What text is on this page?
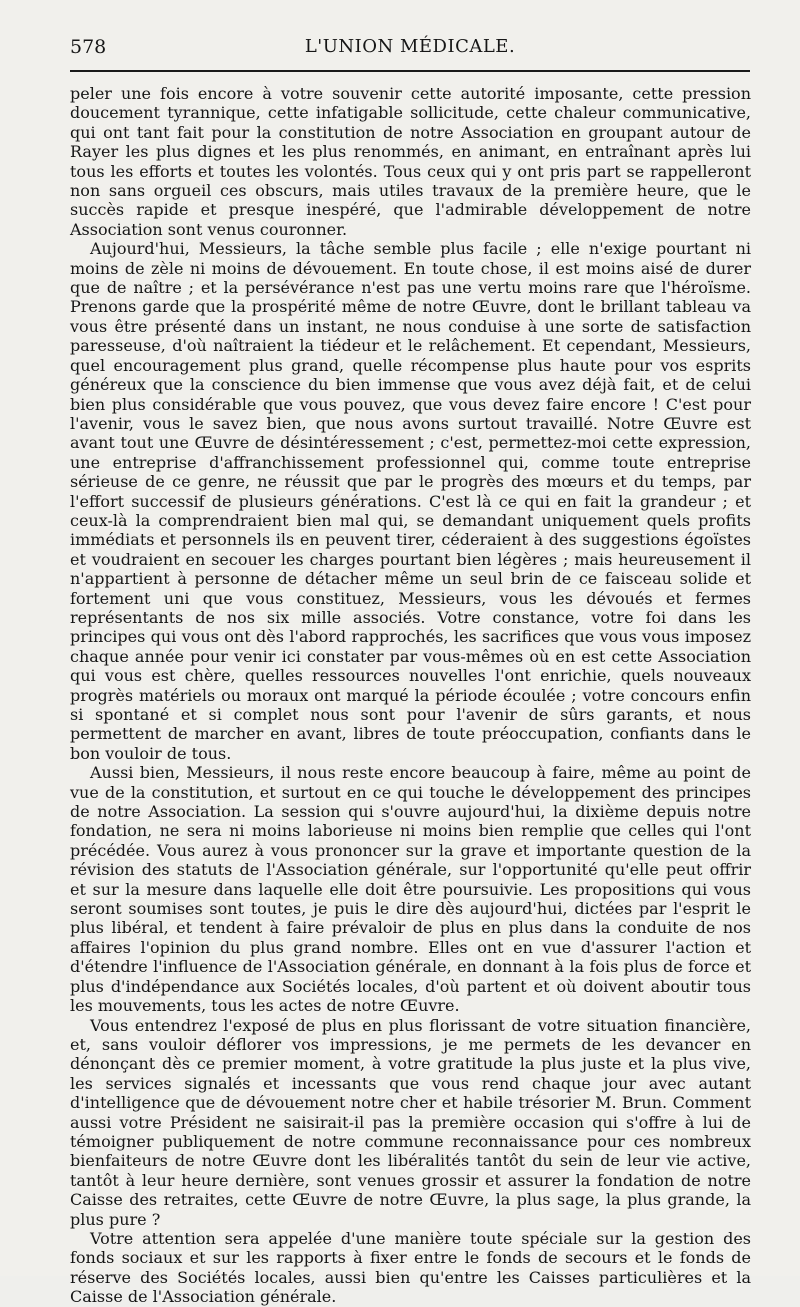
578	L'UNION MÉDICALE.

peler une fois encore à votre souvenir cette autorité imposante, cette pression doucement tyrannique, cette infatigable sollicitude, cette chaleur communicative, qui ont tant fait pour la constitution de notre Association en groupant autour de Rayer les plus dignes et les plus renommés, en animant, en entraînant après lui tous les efforts et toutes les volontés. Tous ceux qui y ont pris part se rappelleront non sans orgueil ces obscurs, mais utiles travaux de la première heure, que le succès rapide et presque inespéré, que l'admirable développement de notre Association sont venus couronner.

Aujourd'hui, Messieurs, la tâche semble plus facile ; elle n'exige pourtant ni moins de zèle ni moins de dévouement. En toute chose, il est moins aisé de durer que de naître ; et la persévérance n'est pas une vertu moins rare que l'héroïsme. Prenons garde que la prospérité même de notre Œuvre, dont le brillant tableau va vous être présenté dans un instant, ne nous conduise à une sorte de satisfaction paresseuse, d'où naîtraient la tiédeur et le relâchement. Et cependant, Messieurs, quel encouragement plus grand, quelle récompense plus haute pour vos esprits généreux que la conscience du bien immense que vous avez déjà fait, et de celui bien plus considérable que vous pouvez, que vous devez faire encore ! C'est pour l'avenir, vous le savez bien, que nous avons surtout travaillé. Notre Œuvre est avant tout une Œuvre de désintéressement ; c'est, permettez-moi cette expression, une entreprise d'affranchissement professionnel qui, comme toute entreprise sérieuse de ce genre, ne réussit que par le progrès des mœurs et du temps, par l'effort successif de plusieurs générations. C'est là ce qui en fait la grandeur ; et ceux-là la comprendraient bien mal qui, se demandant uniquement quels profits immédiats et personnels ils en peuvent tirer, céderaient à des suggestions égoïstes et voudraient en secouer les charges pourtant bien légères ; mais heureusement il n'appartient à personne de détacher même un seul brin de ce faisceau solide et fortement uni que vous constituez, Messieurs, vous les dévoués et fermes représentants de nos six mille associés. Votre constance, votre foi dans les principes qui vous ont dès l'abord rapprochés, les sacrifices que vous vous imposez chaque année pour venir ici constater par vous-mêmes où en est cette Association qui vous est chère, quelles ressources nouvelles l'ont enrichie, quels nouveaux progrès matériels ou moraux ont marqué la période écoulée ; votre concours enfin si spontané et si complet nous sont pour l'avenir de sûrs garants, et nous permettent de marcher en avant, libres de toute préoccupation, confiants dans le bon vouloir de tous.

Aussi bien, Messieurs, il nous reste encore beaucoup à faire, même au point de vue de la constitution, et surtout en ce qui touche le développement des principes de notre Association. La session qui s'ouvre aujourd'hui, la dixième depuis notre fondation, ne sera ni moins laborieuse ni moins bien remplie que celles qui l'ont précédée. Vous aurez à vous prononcer sur la grave et importante question de la révision des statuts de l'Association générale, sur l'opportunité qu'elle peut offrir et sur la mesure dans laquelle elle doit être poursuivie. Les propositions qui vous seront soumises sont toutes, je puis le dire dès aujourd'hui, dictées par l'esprit le plus libéral, et tendent à faire prévaloir de plus en plus dans la conduite de nos affaires l'opinion du plus grand nombre. Elles ont en vue d'assurer l'action et d'étendre l'influence de l'Association générale, en donnant à la fois plus de force et plus d'indépendance aux Sociétés locales, d'où partent et où doivent aboutir tous les mouvements, tous les actes de notre Œuvre.

Vous entendrez l'exposé de plus en plus florissant de votre situation financière, et, sans vouloir déflorer vos impressions, je me permets de les devancer en dénonçant dès ce premier moment, à votre gratitude la plus juste et la plus vive, les services signalés et incessants que vous rend chaque jour avec autant d'intelligence que de dévouement notre cher et habile trésorier M. Brun. Comment aussi votre Président ne saisirait-il pas la première occasion qui s'offre à lui de témoigner publiquement de notre commune reconnaissance pour ces nombreux bienfaiteurs de notre Œuvre dont les libéralités tantôt du sein de leur vie active, tantôt à leur heure dernière, sont venues grossir et assurer la fondation de notre Caisse des retraites, cette Œuvre de notre Œuvre, la plus sage, la plus grande, la plus pure ?

Votre attention sera appelée d'une manière toute spéciale sur la gestion des fonds sociaux et sur les rapports à fixer entre le fonds de secours et le fonds de réserve des Sociétés locales, aussi bien qu'entre les Caisses particulières et la Caisse de l'Association générale.
